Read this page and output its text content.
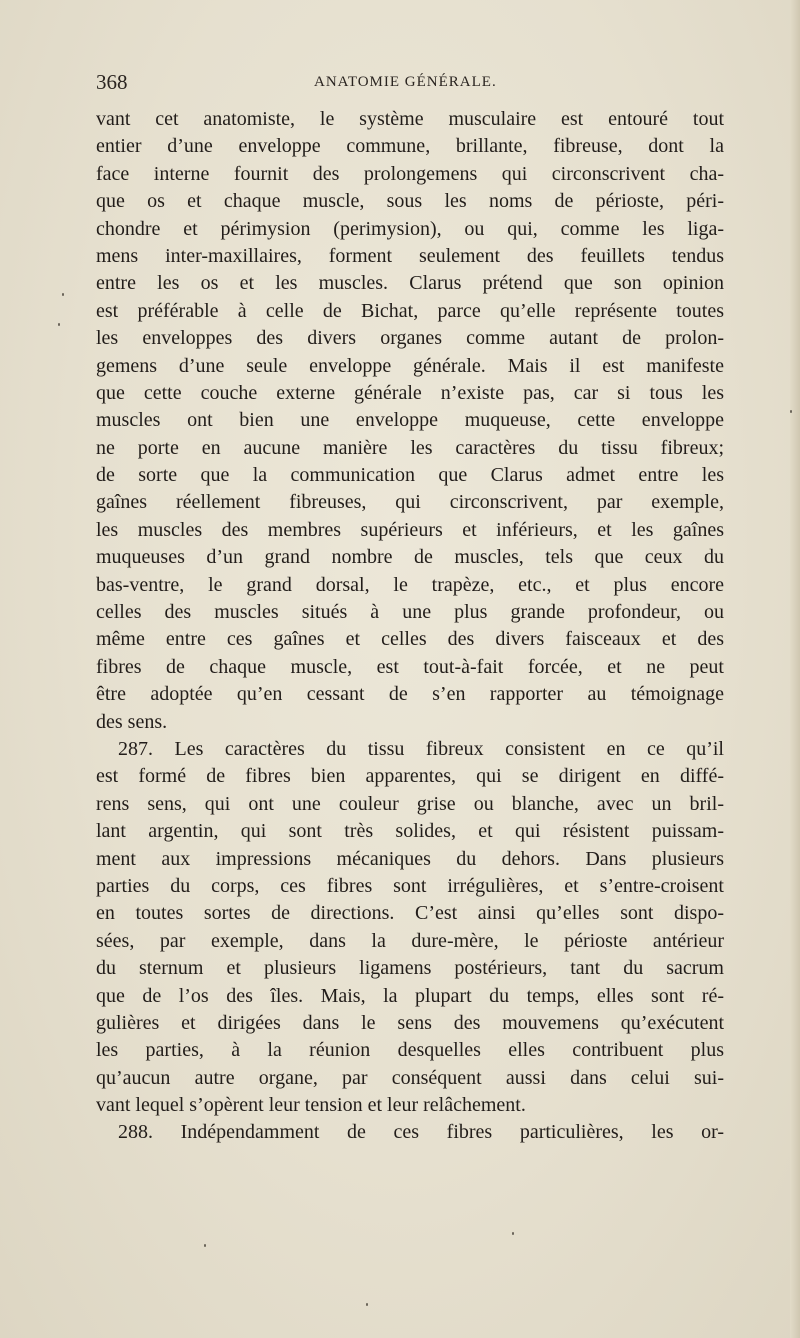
368	ANATOMIE GÉNÉRALE.
vant cet anatomiste, le système musculaire est entouré tout
entier d’une enveloppe commune, brillante, fibreuse, dont la
face interne fournit des prolongemens qui circonscrivent cha-
que os et chaque muscle, sous les noms de périoste, péri-
chondre et périmysion (perimysion), ou qui, comme les liga-
mens inter-maxillaires, forment seulement des feuillets tendus
entre les os et les muscles. Clarus prétend que son opinion
est préférable à celle de Bichat, parce qu’elle représente toutes
les enveloppes des divers organes comme autant de prolon-
gemens d’une seule enveloppe générale. Mais il est manifeste
que cette couche externe générale n’existe pas, car si tous les
muscles ont bien une enveloppe muqueuse, cette enveloppe
ne porte en aucune manière les caractères du tissu fibreux;
de sorte que la communication que Clarus admet entre les
gaînes réellement fibreuses, qui circonscrivent, par exemple,
les muscles des membres supérieurs et inférieurs, et les gaînes
muqueuses d’un grand nombre de muscles, tels que ceux du
bas-ventre, le grand dorsal, le trapèze, etc., et plus encore
celles des muscles situés à une plus grande profondeur, ou
même entre ces gaînes et celles des divers faisceaux et des
fibres de chaque muscle, est tout-à-fait forcée, et ne peut
être adoptée qu’en cessant de s’en rapporter au témoignage
des sens.
287. Les caractères du tissu fibreux consistent en ce qu’il
est formé de fibres bien apparentes, qui se dirigent en diffé-
rens sens, qui ont une couleur grise ou blanche, avec un bril-
lant argentin, qui sont très solides, et qui résistent puissam-
ment aux impressions mécaniques du dehors. Dans plusieurs
parties du corps, ces fibres sont irrégulières, et s’entre-croisent
en toutes sortes de directions. C’est ainsi qu’elles sont dispo-
sées, par exemple, dans la dure-mère, le périoste antérieur
du sternum et plusieurs ligamens postérieurs, tant du sacrum
que de l’os des îles. Mais, la plupart du temps, elles sont ré-
gulières et dirigées dans le sens des mouvemens qu’exécutent
les parties, à la réunion desquelles elles contribuent plus
qu’aucun autre organe, par conséquent aussi dans celui sui-
vant lequel s’opèrent leur tension et leur relâchement.
288. Indépendamment de ces fibres particulières, les or-
